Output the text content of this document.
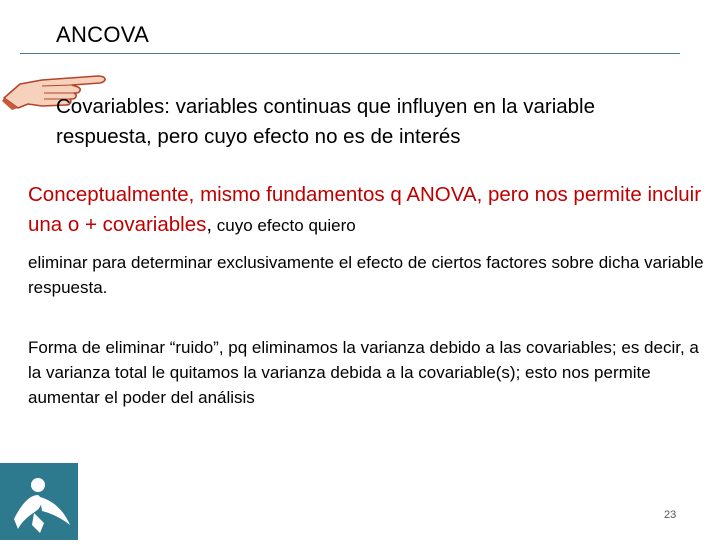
ANCOVA
Covariables: variables continuas que influyen en la variable respuesta, pero cuyo efecto no es de interés
Conceptualmente, mismo fundamentos q ANOVA, pero nos permite incluir una o + covariables, cuyo efecto quiero
eliminar para determinar exclusivamente el efecto de ciertos factores sobre dicha variable respuesta.
Forma de eliminar “ruido”, pq eliminamos la varianza debido a las covariables; es decir, a la varianza total le quitamos la varianza debida a la covariable(s); esto nos permite aumentar el poder del análisis
23
